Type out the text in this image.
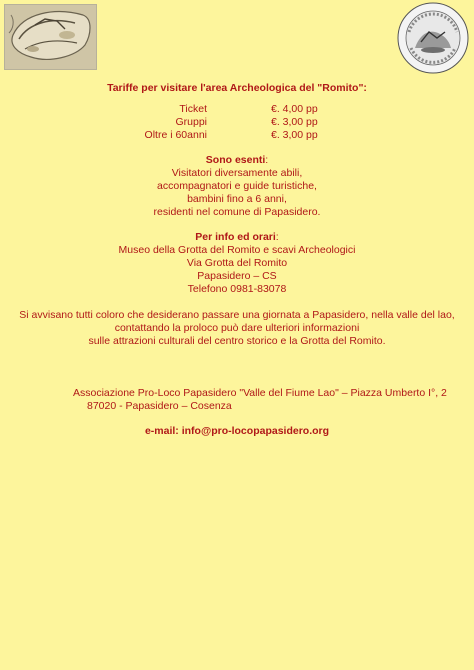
Tariffe per visitare l'area Archeologica del "Romito":
Ticket	€. 4,00 pp
Gruppi	€. 3,00 pp
Oltre i 60anni	€. 3,00 pp
Sono esenti:
Visitatori diversamente abili,
accompagnatori e guide turistiche,
bambini fino a 6 anni,
residenti nel comune di Papasidero.
Per info ed orari:
Museo della Grotta del Romito e scavi Archeologici
Via Grotta del Romito
Papasidero – CS
Telefono 0981-83078
Si avvisano tutti coloro che desiderano passare una giornata a Papasidero, nella valle del lao,
contattando la proloco può dare ulteriori informazioni
sulle attrazioni culturali del centro storico e la Grotta del Romito.
Associazione Pro-Loco Papasidero "Valle del Fiume Lao" – Piazza Umberto I°, 2
87020 - Papasidero – Cosenza
e-mail: info@pro-locopapasidero.org
